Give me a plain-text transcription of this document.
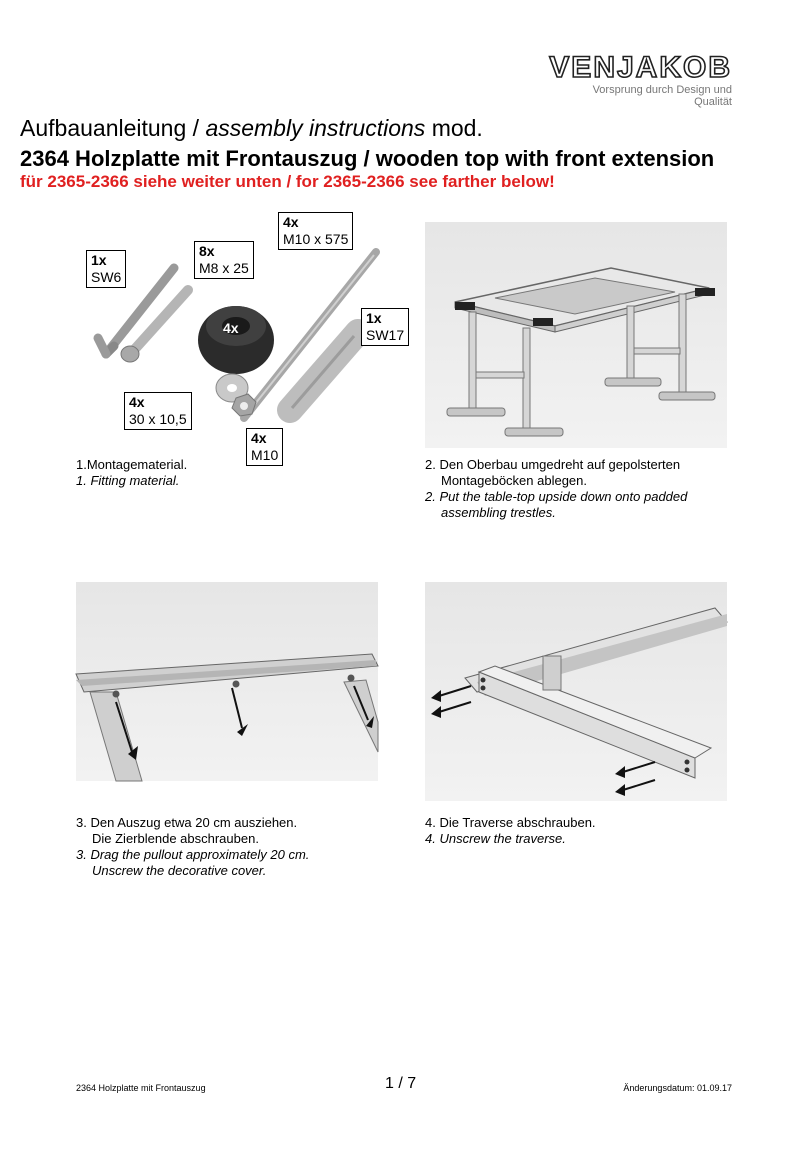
VENJAKOB
Vorsprung durch Design und Qualität
Aufbauanleitung / assembly instructions mod.
2364 Holzplatte mit Frontauszug / wooden top with front extension
für 2365-2366 siehe weiter unten / for 2365-2366 see farther below!
1x
SW6
8x
M8 x 25
4x
M10 x 575
1x
SW17
4x
30 x 10,5
4x
4x
M10
1.Montagematerial.
1. Fitting material.
2. Den Oberbau umgedreht auf gepolsterten
Montageböcken ablegen.
2. Put the table-top upside down onto padded
assembling trestles.
3. Den Auszug etwa 20 cm ausziehen.
Die Zierblende abschrauben.
3. Drag the pullout approximately 20 cm.
Unscrew the decorative cover.
4. Die Traverse abschrauben.
4. Unscrew the traverse.
2364 Holzplatte mit Frontauszug	1 / 7	Änderungsdatum: 01.09.17
